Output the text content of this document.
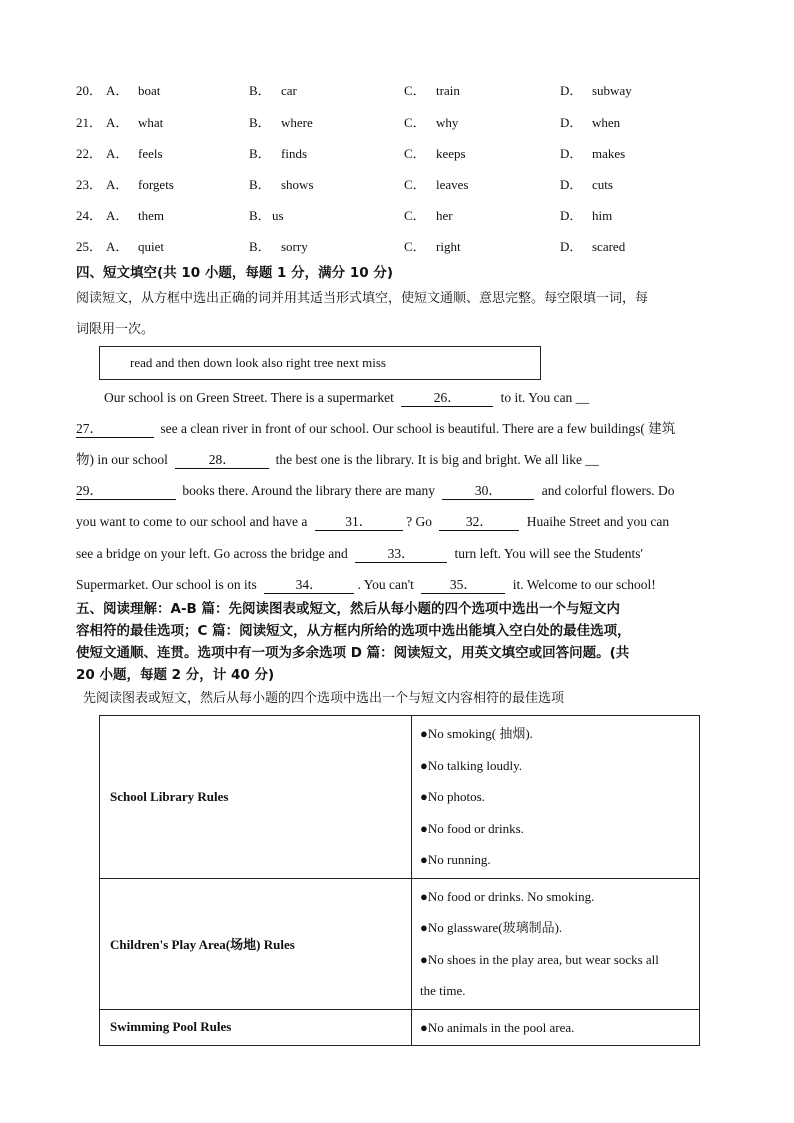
20． A． boat	B． car	C． train	D． subway
21． A． what	B． where	C． why	D． when
22． A． feels	B． finds	C． keeps	D． makes
23． A． forgets	B． shows	C． leaves	D． cuts
24． A． them	B． us	C． her	D． him
25． A． quiet	B． sorry	C． right	D． scared
四、短文填空(共 10 小题，每题 1 分，满分 10 分)
阅读短文，从方框中选出正确的词并用其适当形式填空，使短文通顺、意思完整。每空限填一词，每
词限用一次。
read and then down look also right tree next miss
Our school is on Green Street. There is a supermarket	26．	to it. You can __
27．	see a clean river in front of our school. Our school is beautiful. There are a few buildings( 建筑
物) in our school	28．	the best one is the library. It is big and bright. We all like __
29．	books there. Around the library there are many	30．	and colorful flowers. Do
you want to come to our school and have a	31．	? Go	32．	Huaihe Street and you can
see a bridge on your left. Go across the bridge and	33．	turn left. You will see the Students'
Supermarket. Our school is on its	34．	. You can't	35．	it. Welcome to our school!
五、阅读理解：A-B 篇：先阅读图表或短文，然后从每小题的四个选项中选出一个与短文内
容相符的最佳选项；C 篇：阅读短文，从方框内所给的选项中选出能填入空白处的最佳选项，
使短文通顺、连贯。选项中有一项为多余选项 D 篇：阅读短文，用英文填空或回答问题。(共
20 小题，每题 2 分，计 40 分)
先阅读图表或短文，然后从每小题的四个选项中选出一个与短文内容相符的最佳选项
School Library Rules	●No smoking( 抽烟).
●No talking loudly.
●No photos.
●No food or drinks.
●No running.

Children's Play Area(场地) Rules	●No food or drinks. No smoking.
●No glassware(玻璃制品).
●No shoes in the play area, but wear socks all
the time.

Swimming Pool Rules	●No animals in the pool area.
